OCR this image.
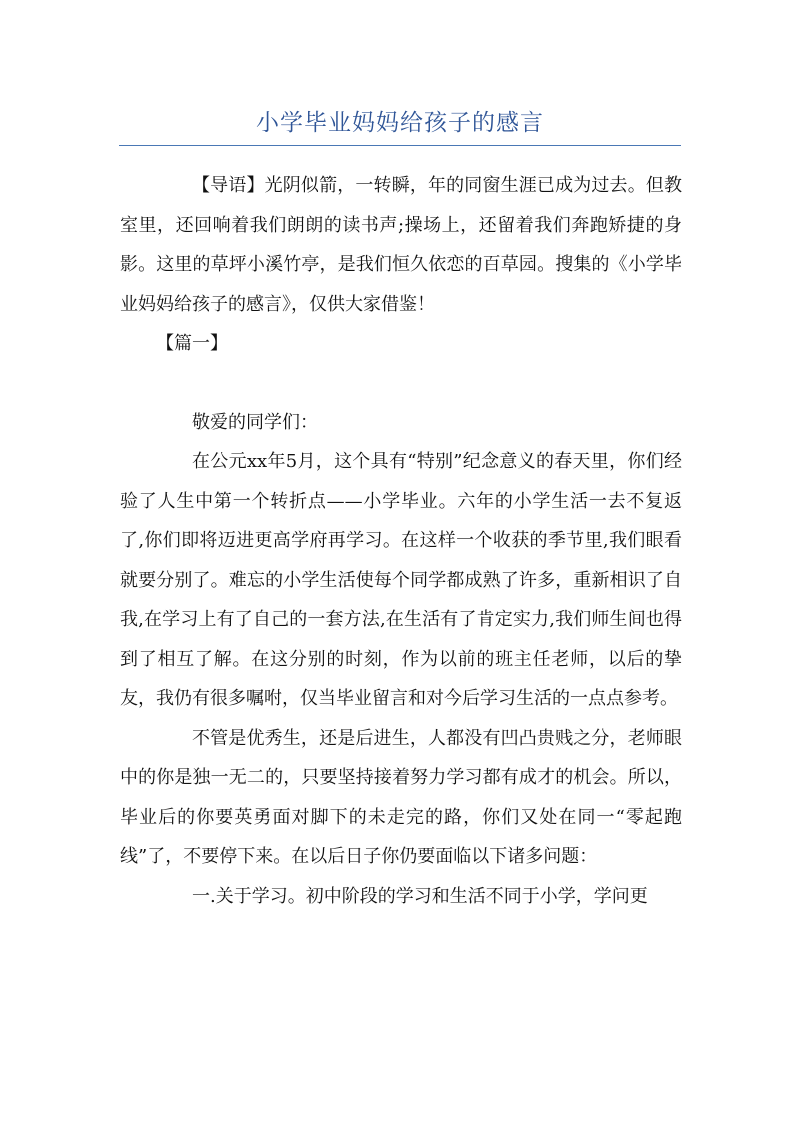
小学毕业妈妈给孩子的感言

【导语】光阴似箭，一转瞬，年的同窗生涯已成为过去。但教室里，还回响着我们朗朗的读书声;操场上，还留着我们奔跑矫捷的身影。这里的草坪小溪竹亭，是我们恒久依恋的百草园。搜集的《小学毕业妈妈给孩子的感言》，仅供大家借鉴！

【篇一】

敬爱的同学们：

在公元xx年5月，这个具有“特别”纪念意义的春天里，你们经验了人生中第一个转折点——小学毕业。六年的小学生活一去不复返了,你们即将迈进更高学府再学习。在这样一个收获的季节里,我们眼看就要分别了。难忘的小学生活使每个同学都成熟了许多，重新相识了自我,在学习上有了自己的一套方法,在生活有了肯定实力,我们师生间也得到了相互了解。在这分别的时刻，作为以前的班主任老师，以后的挚友，我仍有很多嘱咐，仅当毕业留言和对今后学习生活的一点点参考。

不管是优秀生，还是后进生，人都没有凹凸贵贱之分，老师眼中的你是独一无二的，只要坚持接着努力学习都有成才的机会。所以，毕业后的你要英勇面对脚下的未走完的路，你们又处在同一“零起跑线”了，不要停下来。在以后日子你仍要面临以下诸多问题：

一.关于学习。初中阶段的学习和生活不同于小学，学问更
